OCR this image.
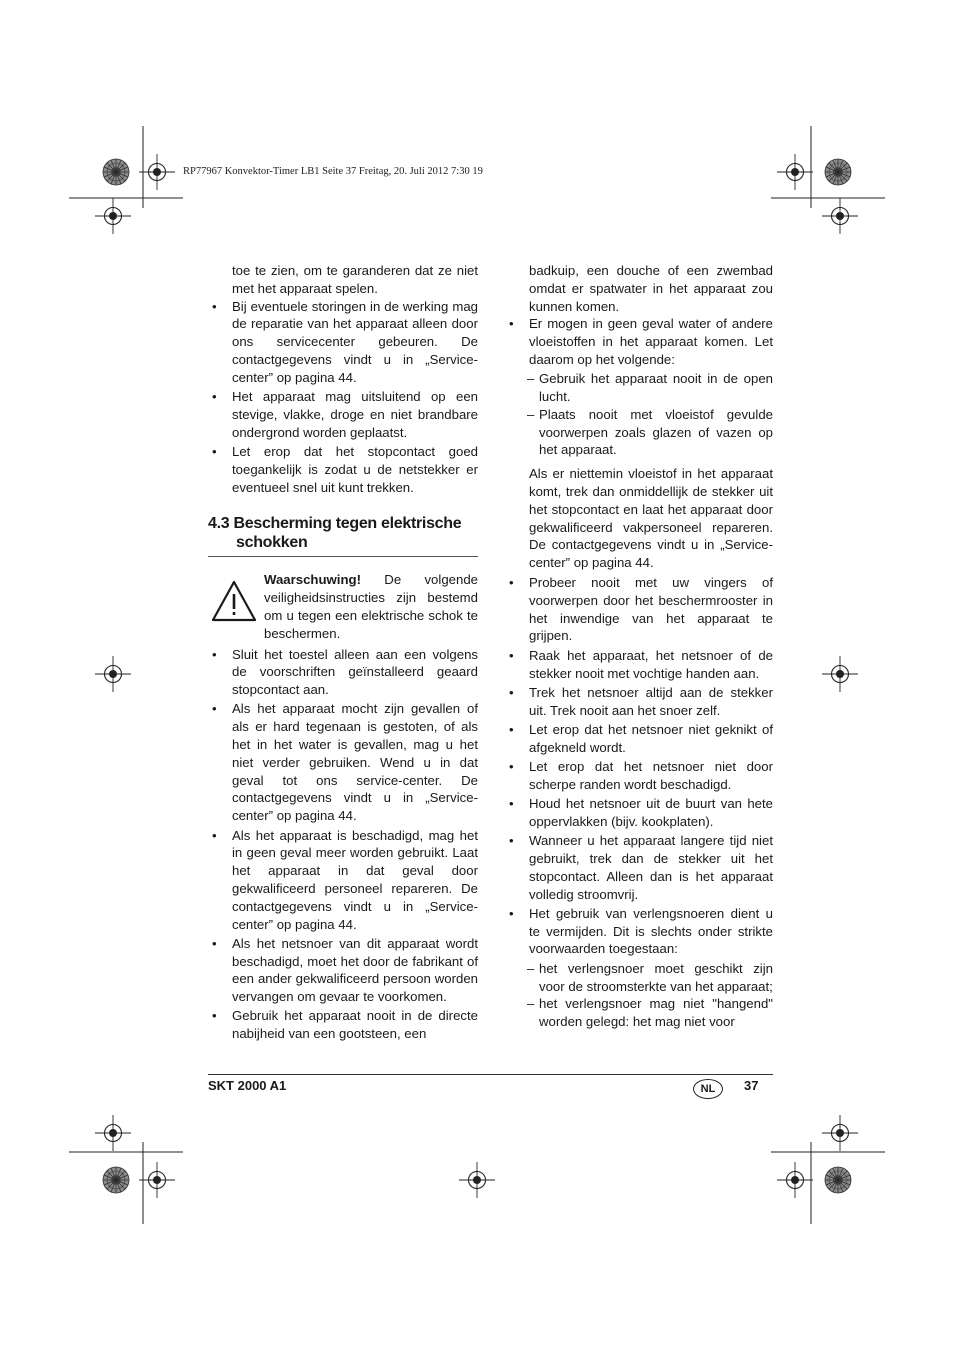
RP77967 Konvektor-Timer LB1 Seite 37 Freitag, 20. Juli 2012 7:30 19

toe te zien, om te garanderen dat ze niet met het apparaat spelen.

• Bij eventuele storingen in de werking mag de reparatie van het apparaat alleen door ons servicecenter gebeuren. De contactgegevens vindt u in „Service-center” op pagina 44.

• Het apparaat mag uitsluitend op een stevige, vlakke, droge en niet brandbare ondergrond worden geplaatst.

• Let erop dat het stopcontact goed toegankelijk is zodat u de netstekker er eventueel snel uit kunt trekken.

4.3 Bescherming tegen elektrische
schokken
Waarschuwing! De volgende veiligheidsinstructies zijn bestemd om u tegen een elektrische schok te beschermen.

• Sluit het toestel alleen aan een volgens de voorschriften geïnstalleerd geaard stopcontact aan.

• Als het apparaat mocht zijn gevallen of als er hard tegenaan is gestoten, of als het in het water is gevallen, mag u het niet verder gebruiken. Wend u in dat geval tot ons service-center. De contactgegevens vindt u in „Service-center” op pagina 44.

• Als het apparaat is beschadigd, mag het in geen geval meer worden gebruikt. Laat het apparaat in dat geval door gekwalificeerd personeel repareren. De contactgegevens vindt u in „Service-center” op pagina 44.

• Als het netsnoer van dit apparaat wordt beschadigd, moet het door de fabrikant of een ander gekwalificeerd persoon worden vervangen om gevaar te voorkomen.

• Gebruik het apparaat nooit in de directe nabijheid van een gootsteen, een

badkuip, een douche of een zwembad omdat er spatwater in het apparaat zou kunnen komen.

• Er mogen in geen geval water of andere vloeistoffen in het apparaat komen. Let daarom op het volgende:

– Gebruik het apparaat nooit in de open lucht.

– Plaats nooit met vloeistof gevulde voorwerpen zoals glazen of vazen op het apparaat.

Als er niettemin vloeistof in het apparaat komt, trek dan onmiddellijk de stekker uit het stopcontact en laat het apparaat door gekwalificeerd vakpersoneel repareren. De contactgegevens vindt u in „Service-center” op pagina 44.

• Probeer nooit met uw vingers of voorwerpen door het beschermrooster in het inwendige van het apparaat te grijpen.

• Raak het apparaat, het netsnoer of de stekker nooit met vochtige handen aan.

• Trek het netsnoer altijd aan de stekker uit. Trek nooit aan het snoer zelf.

• Let erop dat het netsnoer niet geknikt of afgekneld wordt.

• Let erop dat het netsnoer niet door scherpe randen wordt beschadigd.

• Houd het netsnoer uit de buurt van hete oppervlakken (bijv. kookplaten).

• Wanneer u het apparaat langere tijd niet gebruikt, trek dan de stekker uit het stopcontact. Alleen dan is het apparaat volledig stroomvrij.

• Het gebruik van verlengsnoeren dient u te vermijden. Dit is slechts onder strikte voorwaarden toegestaan:

– het verlengsnoer moet geschikt zijn voor de stroomsterkte van het apparaat;

– het verlengsnoer mag niet "hangend" worden gelegd: het mag niet voor

SKT 2000 A1	NL	37
